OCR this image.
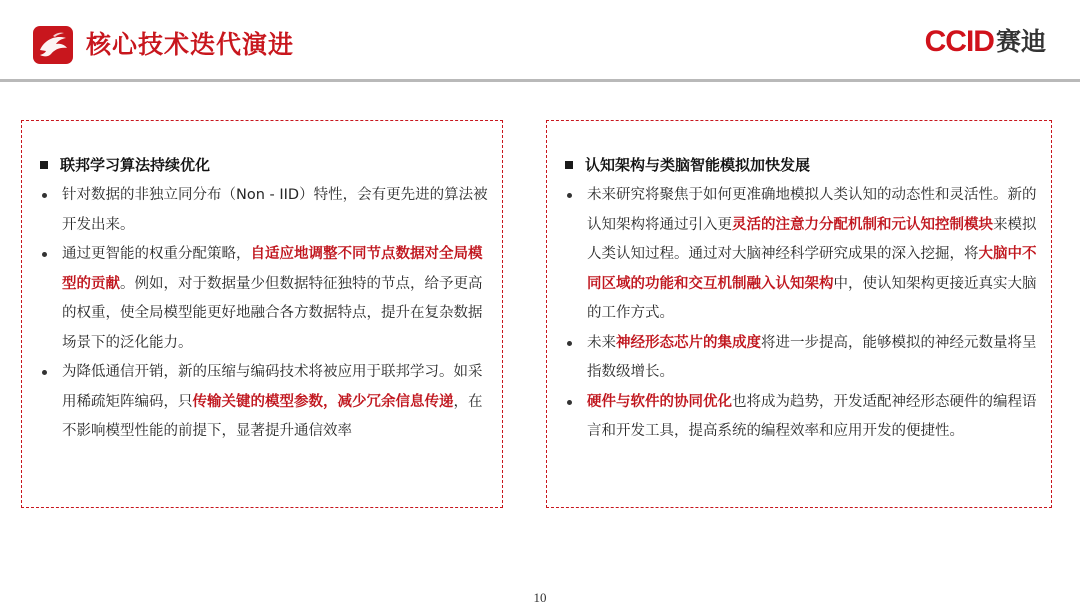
核心技术迭代演进	CCID 赛迪
联邦学习算法持续优化
针对数据的非独立同分布（Non - IID）特性，会有更先进的算法被开发出来。
通过更智能的权重分配策略，自适应地调整不同节点数据对全局模型的贡献。例如，对于数据量少但数据特征独特的节点，给予更高的权重，使全局模型能更好地融合各方数据特点，提升在复杂数据场景下的泛化能力。
为降低通信开销，新的压缩与编码技术将被应用于联邦学习。如采用稀疏矩阵编码，只传输关键的模型参数，减少冗余信息传递，在不影响模型性能的前提下，显著提升通信效率
认知架构与类脑智能模拟加快发展
未来研究将聚焦于如何更准确地模拟人类认知的动态性和灵活性。新的认知架构将通过引入更灵活的注意力分配机制和元认知控制模块来模拟人类认知过程。通过对大脑神经科学研究成果的深入挖掘，将大脑中不同区域的功能和交互机制融入认知架构中，使认知架构更接近真实大脑的工作方式。
未来神经形态芯片的集成度将进一步提高，能够模拟的神经元数量将呈指数级增长。
硬件与软件的协同优化也将成为趋势，开发适配神经形态硬件的编程语言和开发工具，提高系统的编程效率和应用开发的便捷性。
10
